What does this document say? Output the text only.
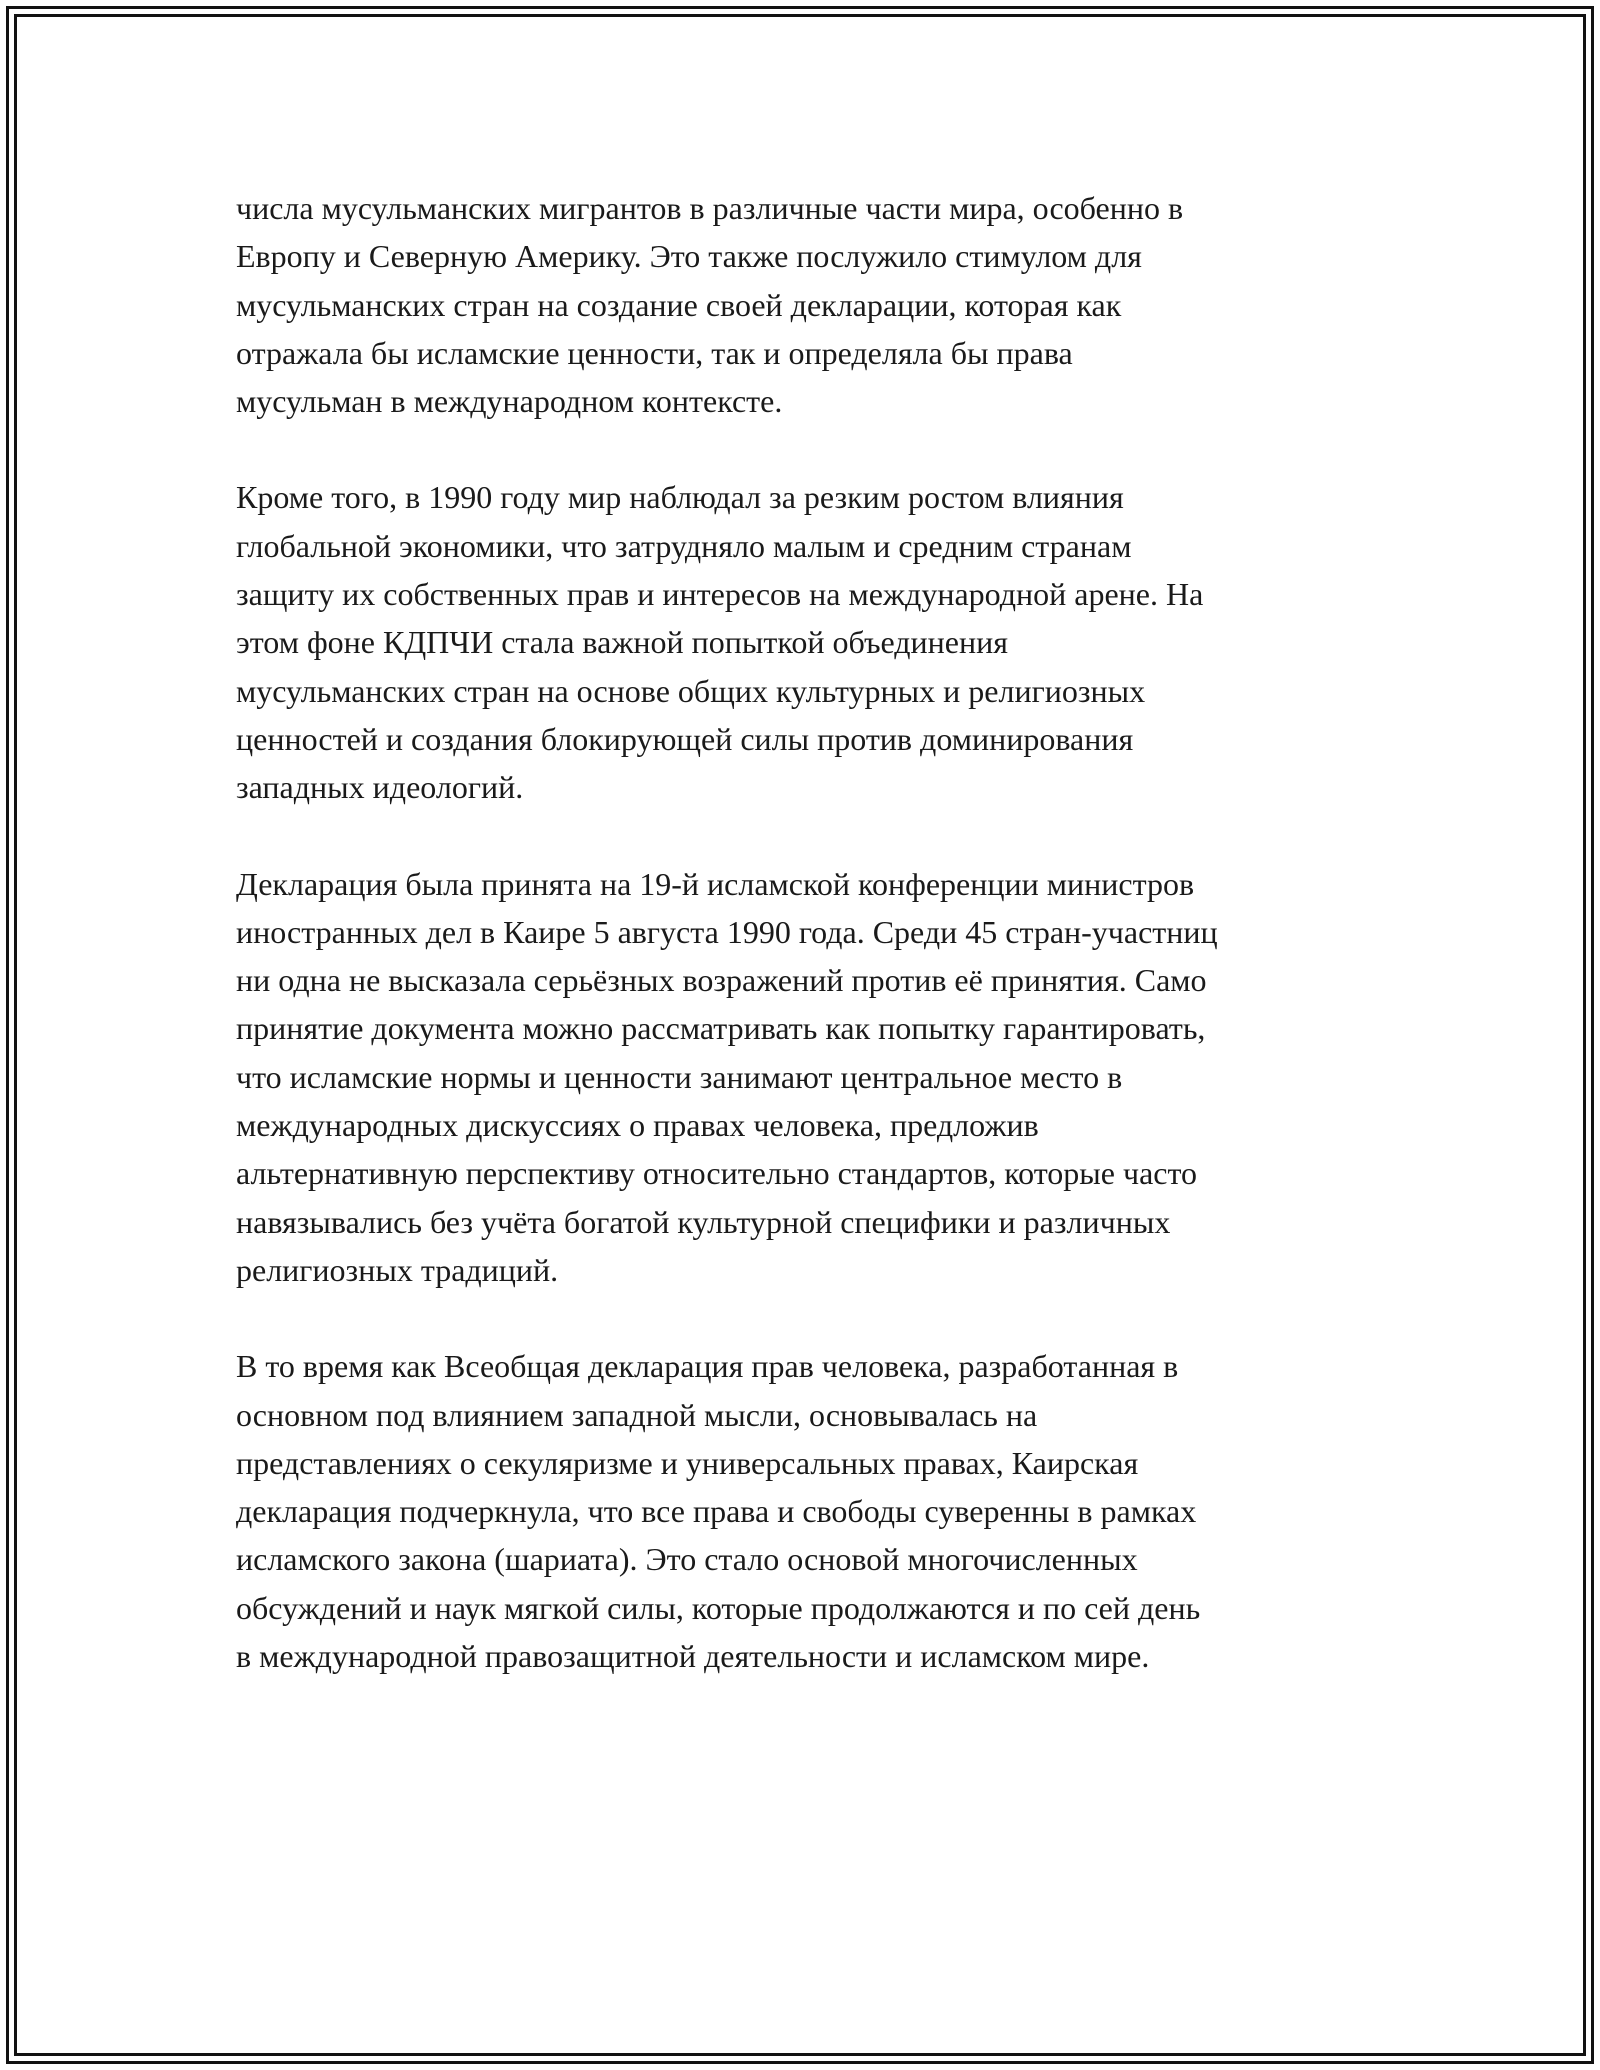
числа мусульманских мигрантов в различные части мира, особенно в
Европу и Северную Америку. Это также послужило стимулом для
мусульманских стран на создание своей декларации, которая как
отражала бы исламские ценности, так и определяла бы права
мусульман в международном контексте.

Кроме того, в 1990 году мир наблюдал за резким ростом влияния
глобальной экономики, что затрудняло малым и средним странам
защиту их собственных прав и интересов на международной арене. На
этом фоне КДПЧИ стала важной попыткой объединения
мусульманских стран на основе общих культурных и религиозных
ценностей и создания блокирующей силы против доминирования
западных идеологий.

Декларация была принята на 19-й исламской конференции министров
иностранных дел в Каире 5 августа 1990 года. Среди 45 стран-участниц
ни одна не высказала серьёзных возражений против её принятия. Само
принятие документа можно рассматривать как попытку гарантировать,
что исламские нормы и ценности занимают центральное место в
международных дискуссиях о правах человека, предложив
альтернативную перспективу относительно стандартов, которые часто
навязывались без учёта богатой культурной специфики и различных
религиозных традиций.

В то время как Всеобщая декларация прав человека, разработанная в
основном под влиянием западной мысли, основывалась на
представлениях о секуляризме и универсальных правах, Каирская
декларация подчеркнула, что все права и свободы суверенны в рамках
исламского закона (шариата). Это стало основой многочисленных
обсуждений и наук мягкой силы, которые продолжаются и по сей день
в международной правозащитной деятельности и исламском мире.
